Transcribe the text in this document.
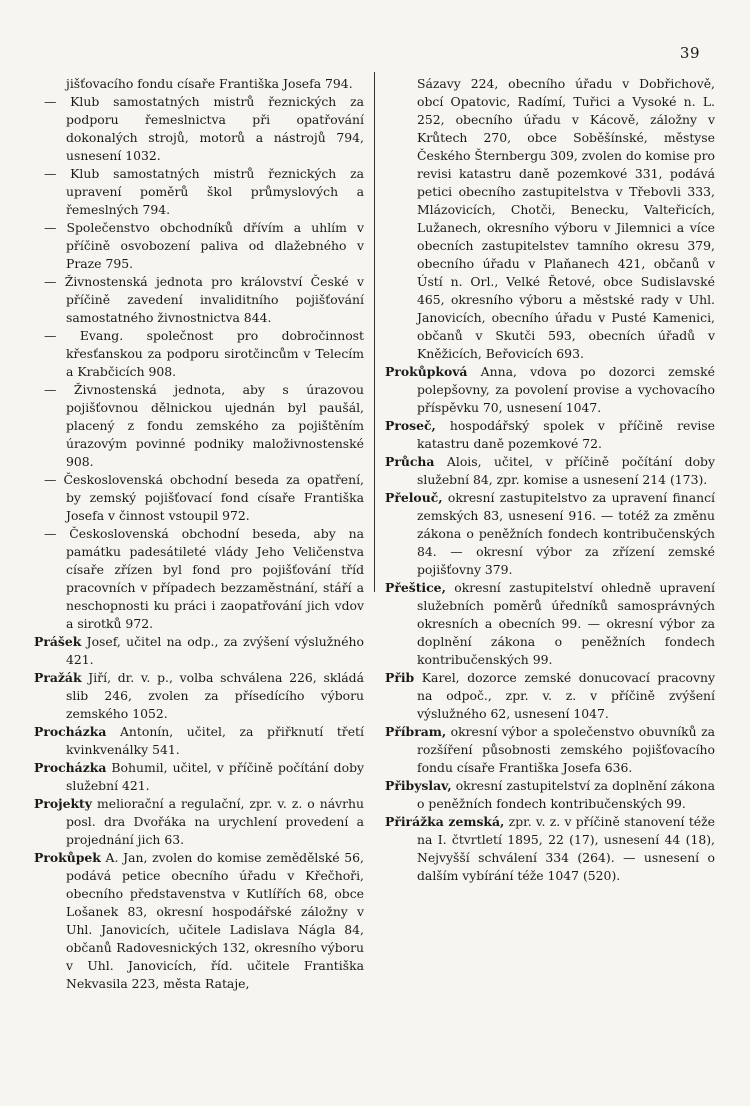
39

jišťovacího fondu císaře Františka Josefa 794.

— Klub samostatných mistrů řeznických za podporu řemeslnictva při opatřování dokonalých strojů, motorů a nástrojů 794, usnesení 1032.

— Klub samostatných mistrů řeznických za upravení poměrů škol průmyslových a řemeslných 794.

— Společenstvo obchodníků dřívím a uhlím v příčině osvobození paliva od dlažebného v Praze 795.

— Živnostenská jednota pro království České v příčině zavedení invaliditního pojišťování samostatného živnostnictva 844.

— Evang. společnost pro dobročinnost křesťanskou za podporu sirotčincům v Telecím a Krabčicích 908.

— Živnostenská jednota, aby s úrazovou pojišťovnou dělnickou ujednán byl paušál, placený z fondu zemského za pojištěním úrazovým povinné podniky maloživnostenské 908.

— Československá obchodní beseda za opatření, by zemský pojišťovací fond císaře Františka Josefa v činnost vstoupil 972.

— Československá obchodní beseda, aby na památku padesátileté vlády Jeho Veličenstva císaře zřízen byl fond pro pojišťování tříd pracovních v případech bezzaměstnání, stáří a neschopnosti ku práci i zaopatřování jich vdov a sirotků 972.

Prášek Josef, učitel na odp., za zvýšení výslužného 421.

Pražák Jiří, dr. v. p., volba schválena 226, skládá slib 246, zvolen za přísedícího výboru zemského 1052.

Procházka Antonín, učitel, za přiřknutí třetí kvinkvenálky 541.

Procházka Bohumil, učitel, v příčině počítání doby služební 421.

Projekty meliorační a regulační, zpr. v. z. o návrhu posl. dra Dvořáka na urychlení provedení a projednání jich 63.

Prokůpek A. Jan, zvolen do komise zemědělské 56, podává petice obecního úřadu v Křečhoři, obecního představenstva v Kutlířích 68, obce Lošanek 83, okresní hospodářské záložny v Uhl. Janovicích, učitele Ladislava Nágla 84, občanů Radovesnických 132, okresního výboru v Uhl. Janovicích, říd. učitele Františka Nekvasila 223, města Rataje,

Sázavy 224, obecního úřadu v Dobřichově, obcí Opatovic, Radímí, Tuřici a Vysoké n. L. 252, obecního úřadu v Kácově, záložny v Krůtech 270, obce Soběšínské, městyse Českého Šternbergu 309, zvolen do komise pro revisi katastru daně pozemkové 331, podává petici obecního zastupitelstva v Třebovli 333, Mlázovicích, Chotči, Benecku, Valteřicích, Lužanech, okresního výboru v Jilemnici a více obecních zastupitelstev tamního okresu 379, obecního úřadu v Plaňanech 421, občanů v Ústí n. Orl., Velké Řetové, obce Sudislavské 465, okresního výboru a městské rady v Uhl. Janovicích, obecního úřadu v Pusté Kamenici, občanů v Skutči 593, obecních úřadů v Kněžicích, Beřovicích 693.

Prokůpková Anna, vdova po dozorci zemské polepšovny, za povolení provise a vychovacího příspěvku 70, usnesení 1047.

Proseč, hospodářský spolek v příčině revise katastru daně pozemkové 72.

Průcha Alois, učitel, v příčině počítání doby služební 84, zpr. komise a usnesení 214 (173).

Přelouč, okresní zastupitelstvo za upravení financí zemských 83, usnesení 916. — totéž za změnu zákona o peněžních fondech kontribučenských 84. — okresní výbor za zřízení zemské pojišťovny 379.

Přeštice, okresní zastupitelství ohledně upravení služebních poměrů úředníků samosprávných okresních a obecních 99. — okresní výbor za doplnění zákona o peněžních fondech kontribučenských 99.

Přib Karel, dozorce zemské donucovací pracovny na odpoč., zpr. v. z. v příčině zvýšení výslužného 62, usnesení 1047.

Příbram, okresní výbor a společenstvo obuvníků za rozšíření působnosti zemského pojišťovacího fondu císaře Františka Josefa 636.

Přibyslav, okresní zastupitelství za doplnění zákona o peněžních fondech kontribučenských 99.

Přirážka zemská, zpr. v. z. v příčině stanovení téže na I. čtvrtletí 1895, 22 (17), usnesení 44 (18), Nejvyšší schválení 334 (264). — usnesení o dalším vybírání téže 1047 (520).
